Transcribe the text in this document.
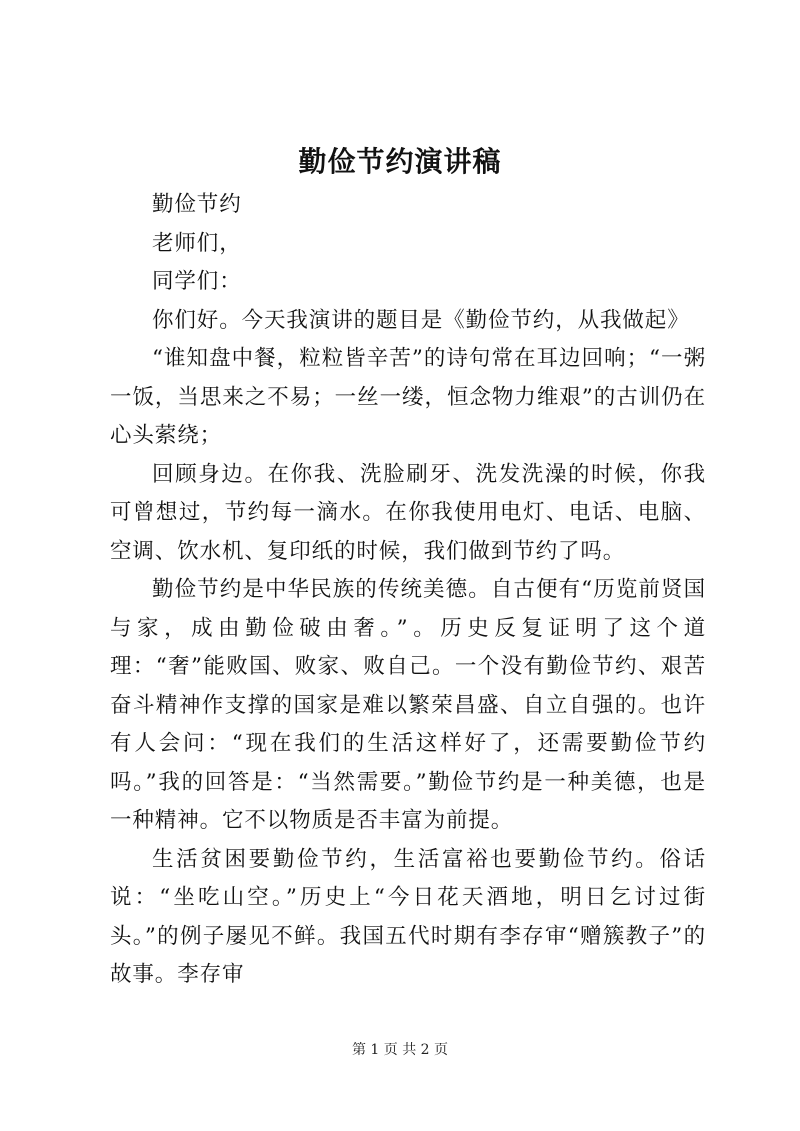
勤俭节约演讲稿

勤俭节约

老师们，

同学们：

你们好。今天我演讲的题目是《勤俭节约，从我做起》

“谁知盘中餐，粒粒皆辛苦”的诗句常在耳边回响；“一粥一饭，当思来之不易；一丝一缕，恒念物力维艰”的古训仍在心头萦绕；

回顾身边。在你我、洗脸刷牙、洗发洗澡的时候，你我可曾想过，节约每一滴水。在你我使用电灯、电话、电脑、空调、饮水机、复印纸的时候，我们做到节约了吗。

勤俭节约是中华民族的传统美德。自古便有“历览前贤国与家，成由勤俭破由奢。”。历史反复证明了这个道理：“奢”能败国、败家、败自己。一个没有勤俭节约、艰苦奋斗精神作支撑的国家是难以繁荣昌盛、自立自强的。也许有人会问：“现在我们的生活这样好了，还需要勤俭节约吗。”我的回答是：“当然需要。”勤俭节约是一种美德，也是一种精神。它不以物质是否丰富为前提。

生活贫困要勤俭节约，生活富裕也要勤俭节约。俗话说：“坐吃山空。”历史上“今日花天酒地，明日乞讨过街头。”的例子屡见不鲜。我国五代时期有李存审“赠簇教子”的故事。李存审

第 1 页 共 2 页
